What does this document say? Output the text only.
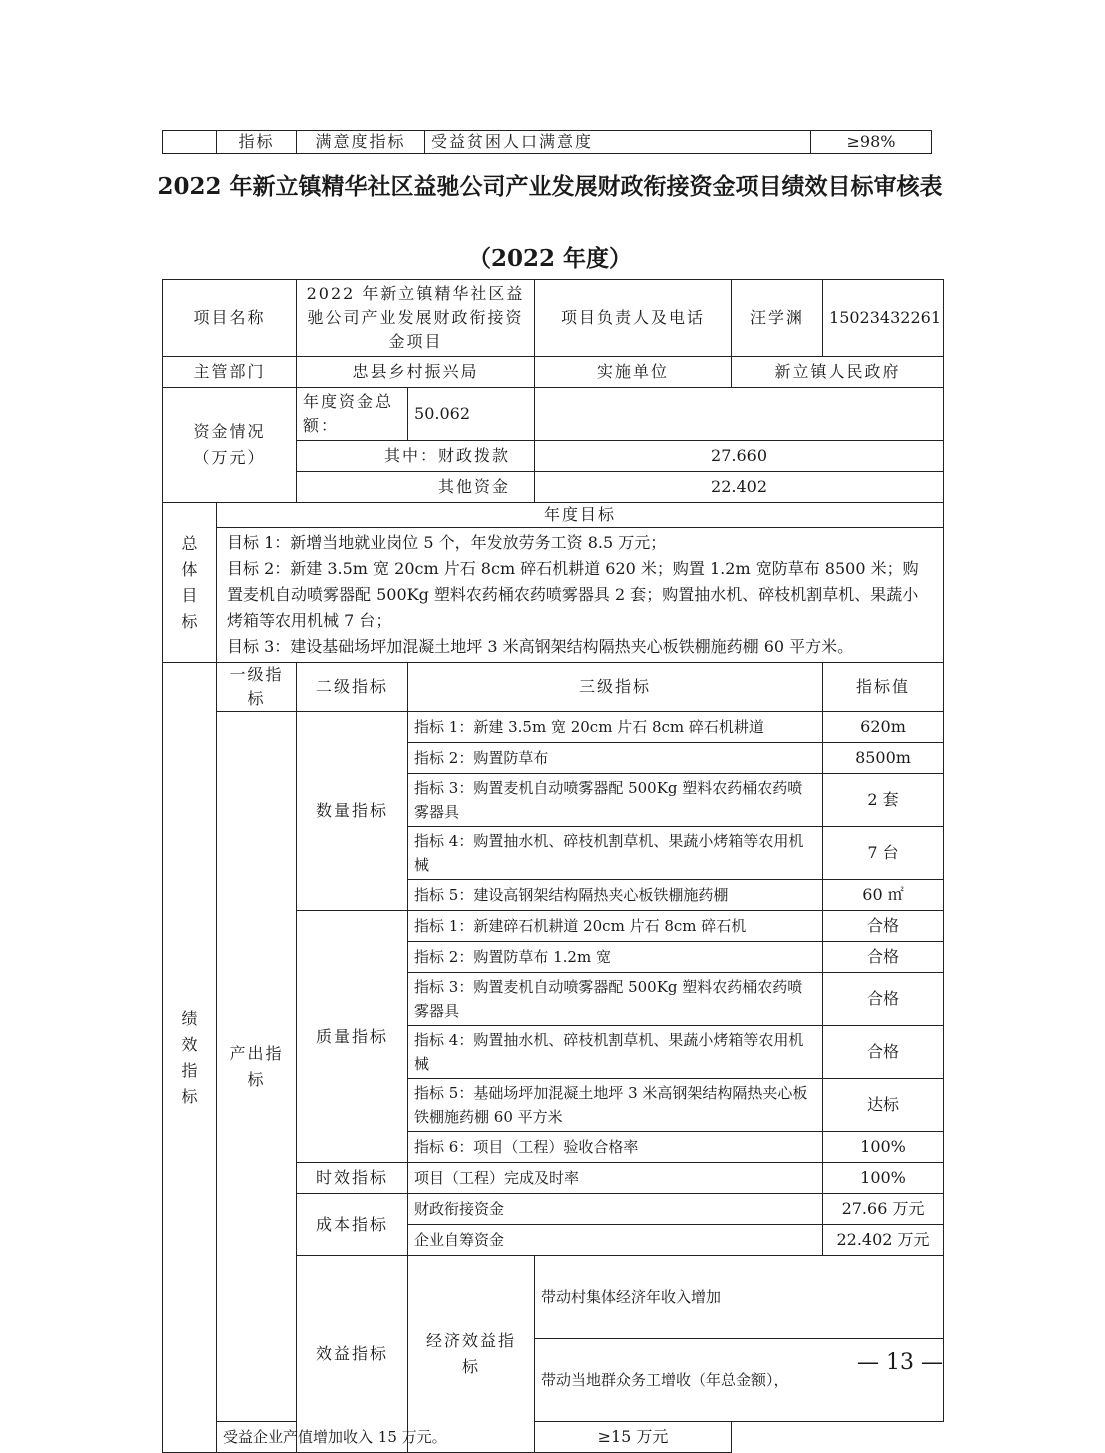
	指标	满意度指标	受益贫困人口满意度	≥98%
2022 年新立镇精华社区益驰公司产业发展财政衔接资金项目绩效目标审核表
（2022 年度）
项目名称		2022 年新立镇精华社区益驰公司产业发展财政衔接资金项目		项目负责人及电话	汪学渊	15023432261	
主管部门		忠县乡村振兴局		实施单位	新立镇人民政府		
资金情况（万元）		年度资金总额：	50.062				
		其中：财政拨款		27.660			
		其他资金		22.402			

总
体
目
标	年度目标						

	目标 1：新增当地就业岗位 5 个，年发放劳务工资 8.5 万元；
目标 2：新建 3.5m 宽 20cm 片石 8cm 碎石机耕道 620 米；购置 1.2m 宽防草布 8500 米；购置麦机自动喷雾器配 500Kg 塑料农药桶农药喷雾器具 2 套；购置抽水机、碎枝机割草机、果蔬小烤箱等农用机械 7 台；
目标 3：建设基础场坪加混凝土地坪 3 米高钢架结构隔热夹心板铁棚施药棚 60 平方米。						

绩
效
指
标	一级指标	二级指标	三级指标			指标值	
	产出指标	数量指标	指标 1：新建 3.5m 宽 20cm 片石 8cm 碎石机耕道			620m	
			指标 2：购置防草布			8500m	
			指标 3：购置麦机自动喷雾器配 500Kg 塑料农药桶农药喷雾器具			2 套	
			指标 4：购置抽水机、碎枝机割草机、果蔬小烤箱等农用机械			7 台	
			指标 5：建设高钢架结构隔热夹心板铁棚施药棚			60 ㎡	
		质量指标	指标 1：新建碎石机耕道 20cm 片石 8cm 碎石机			合格	
			指标 2：购置防草布 1.2m 宽			合格	
			指标 3：购置麦机自动喷雾器配 500Kg 塑料农药桶农药喷雾器具			合格	
			指标 4：购置抽水机、碎枝机割草机、果蔬小烤箱等农用机械			合格	
			指标 5：基础场坪加混凝土地坪 3 米高钢架结构隔热夹心板铁棚施药棚 60 平方米			达标	
			指标 6：项目（工程）验收合格率			100%	
		时效指标	项目（工程）完成及时率			100%	
		成本指标	财政衔接资金			27.66 万元	
			企业自筹资金			22.402 万元	
		效益指标	经济效益指标	带动村集体经济年收入增加	
				带动当地群众务工增收（年总金额），	
	受益企业产值增加收入 15 万元。			≥15 万元			
— 13 —
